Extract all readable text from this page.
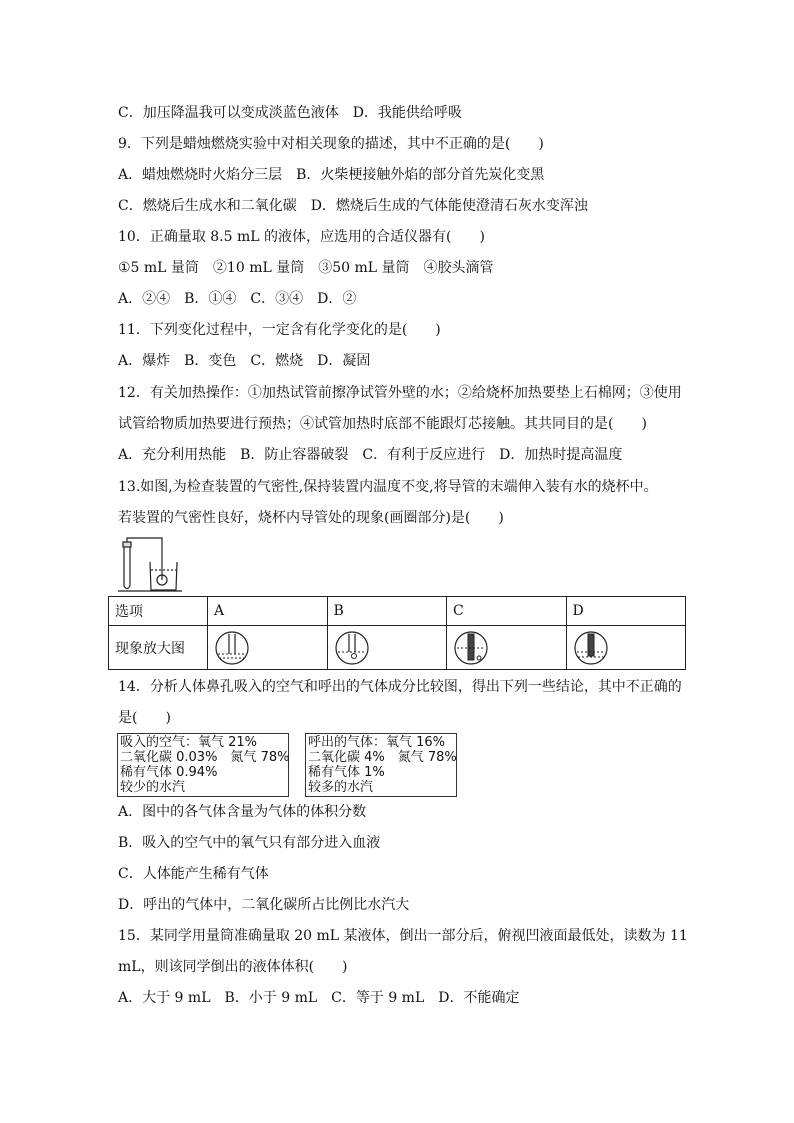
C．加压降温我可以变成淡蓝色液体　D．我能供给呼吸
9．下列是蜡烛燃烧实验中对相关现象的描述，其中不正确的是(　　)
A．蜡烛燃烧时火焰分三层　B．火柴梗接触外焰的部分首先炭化变黑
C．燃烧后生成水和二氧化碳　D．燃烧后生成的气体能使澄清石灰水变浑浊
10．正确量取 8.5 mL 的液体，应选用的合适仪器有(　　)
①5 mL 量筒　②10 mL 量筒　③50 mL 量筒　④胶头滴管
A．②④　B．①④　C．③④　D．②
11．下列变化过程中，一定含有化学变化的是(　　)
A．爆炸　B．变色　C．燃烧　D．凝固
12．有关加热操作：①加热试管前擦净试管外壁的水；②给烧杯加热要垫上石棉网；③使用
试管给物质加热要进行预热；④试管加热时底部不能跟灯芯接触。其共同目的是(　　)
A．充分利用热能　B．防止容器破裂　C．有利于反应进行　D．加热时提高温度
13.如图,为检查装置的气密性,保持装置内温度不变,将导管的末端伸入装有水的烧杯中。
若装置的气密性良好，烧杯内导管处的现象(画圈部分)是(　　)
选项	A	B	C	D
现象放大图	

14．分析人体鼻孔吸入的空气和呼出的气体成分比较图，得出下列一些结论，其中不正确的
是(　　)
吸入的空气：氧气 21%
二氧化碳 0.03%　氮气 78%
稀有气体 0.94%
较少的水汽
呼出的气体：氧气 16%
二氧化碳 4%　氮气 78%
稀有气体 1%
较多的水汽
A．图中的各气体含量为气体的体积分数
B．吸入的空气中的氧气只有部分进入血液
C．人体能产生稀有气体
D．呼出的气体中，二氧化碳所占比例比水汽大
15．某同学用量筒准确量取 20 mL 某液体，倒出一部分后，俯视凹液面最低处，读数为 11
mL，则该同学倒出的液体体积(　　)
A．大于 9 mL　B．小于 9 mL　C．等于 9 mL　D．不能确定
